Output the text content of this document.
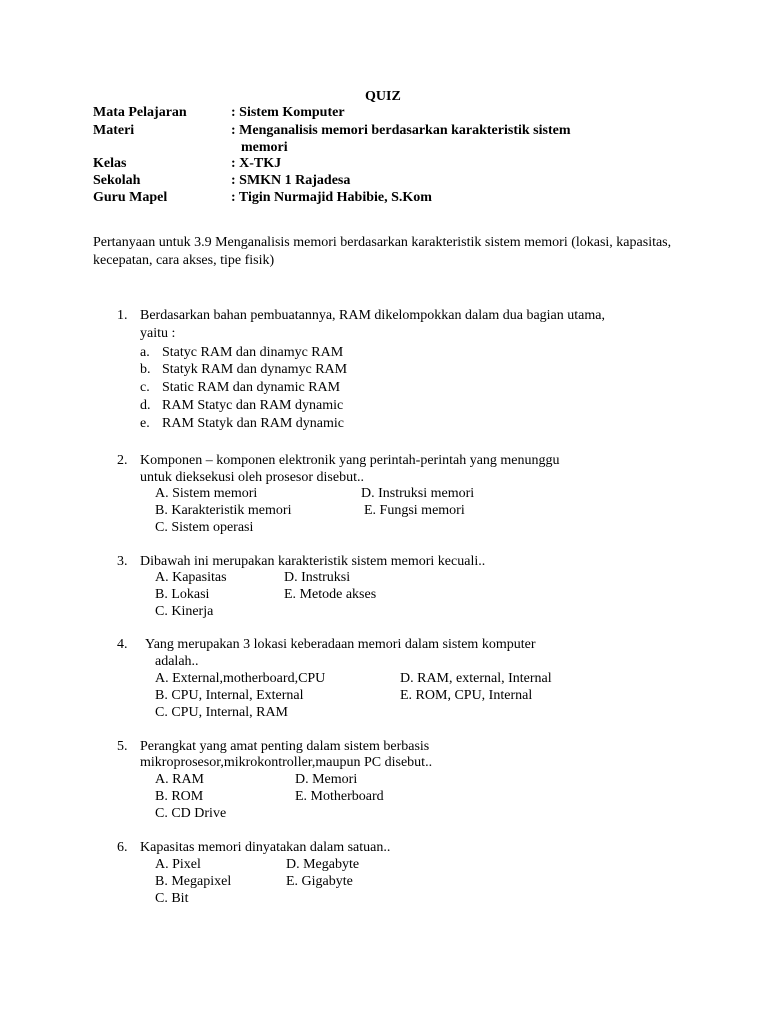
QUIZ
Mata Pelajaran	: Sistem Komputer
Materi	: Menganalisis memori berdasarkan karakteristik sistem
memori
Kelas	: X-TKJ
Sekolah	: SMKN 1 Rajadesa
Guru Mapel	: Tigin Nurmajid Habibie, S.Kom
Pertanyaan untuk 3.9 Menganalisis memori berdasarkan karakteristik sistem memori (lokasi, kapasitas, kecepatan, cara akses, tipe fisik)
1. Berdasarkan bahan pembuatannya, RAM dikelompokkan dalam dua bagian utama,
yaitu :
a. Statyc RAM dan dinamyc RAM
b. Statyk RAM dan dynamyc RAM
c. Static RAM dan dynamic RAM
d. RAM Statyc dan RAM dynamic
e. RAM Statyk dan RAM dynamic
2. Komponen – komponen elektronik yang perintah-perintah yang menunggu
untuk dieksekusi oleh prosesor disebut..
A. Sistem memori	D. Instruksi memori
B. Karakteristik memori	E. Fungsi memori
C. Sistem operasi
3. Dibawah ini merupakan karakteristik sistem memori kecuali..
A. Kapasitas	D. Instruksi
B. Lokasi	E. Metode akses
C. Kinerja
4. Yang merupakan 3 lokasi keberadaan memori dalam sistem komputer
adalah..
A. External,motherboard,CPU	D. RAM, external, Internal
B. CPU, Internal, External	E. ROM, CPU, Internal
C. CPU, Internal, RAM
5. Perangkat yang amat penting dalam sistem berbasis
mikroprosesor,mikrokontroller,maupun PC disebut..
A. RAM	D. Memori
B. ROM	E. Motherboard
C. CD Drive
6. Kapasitas memori dinyatakan dalam satuan..
A. Pixel	D. Megabyte
B. Megapixel	E. Gigabyte
C. Bit
